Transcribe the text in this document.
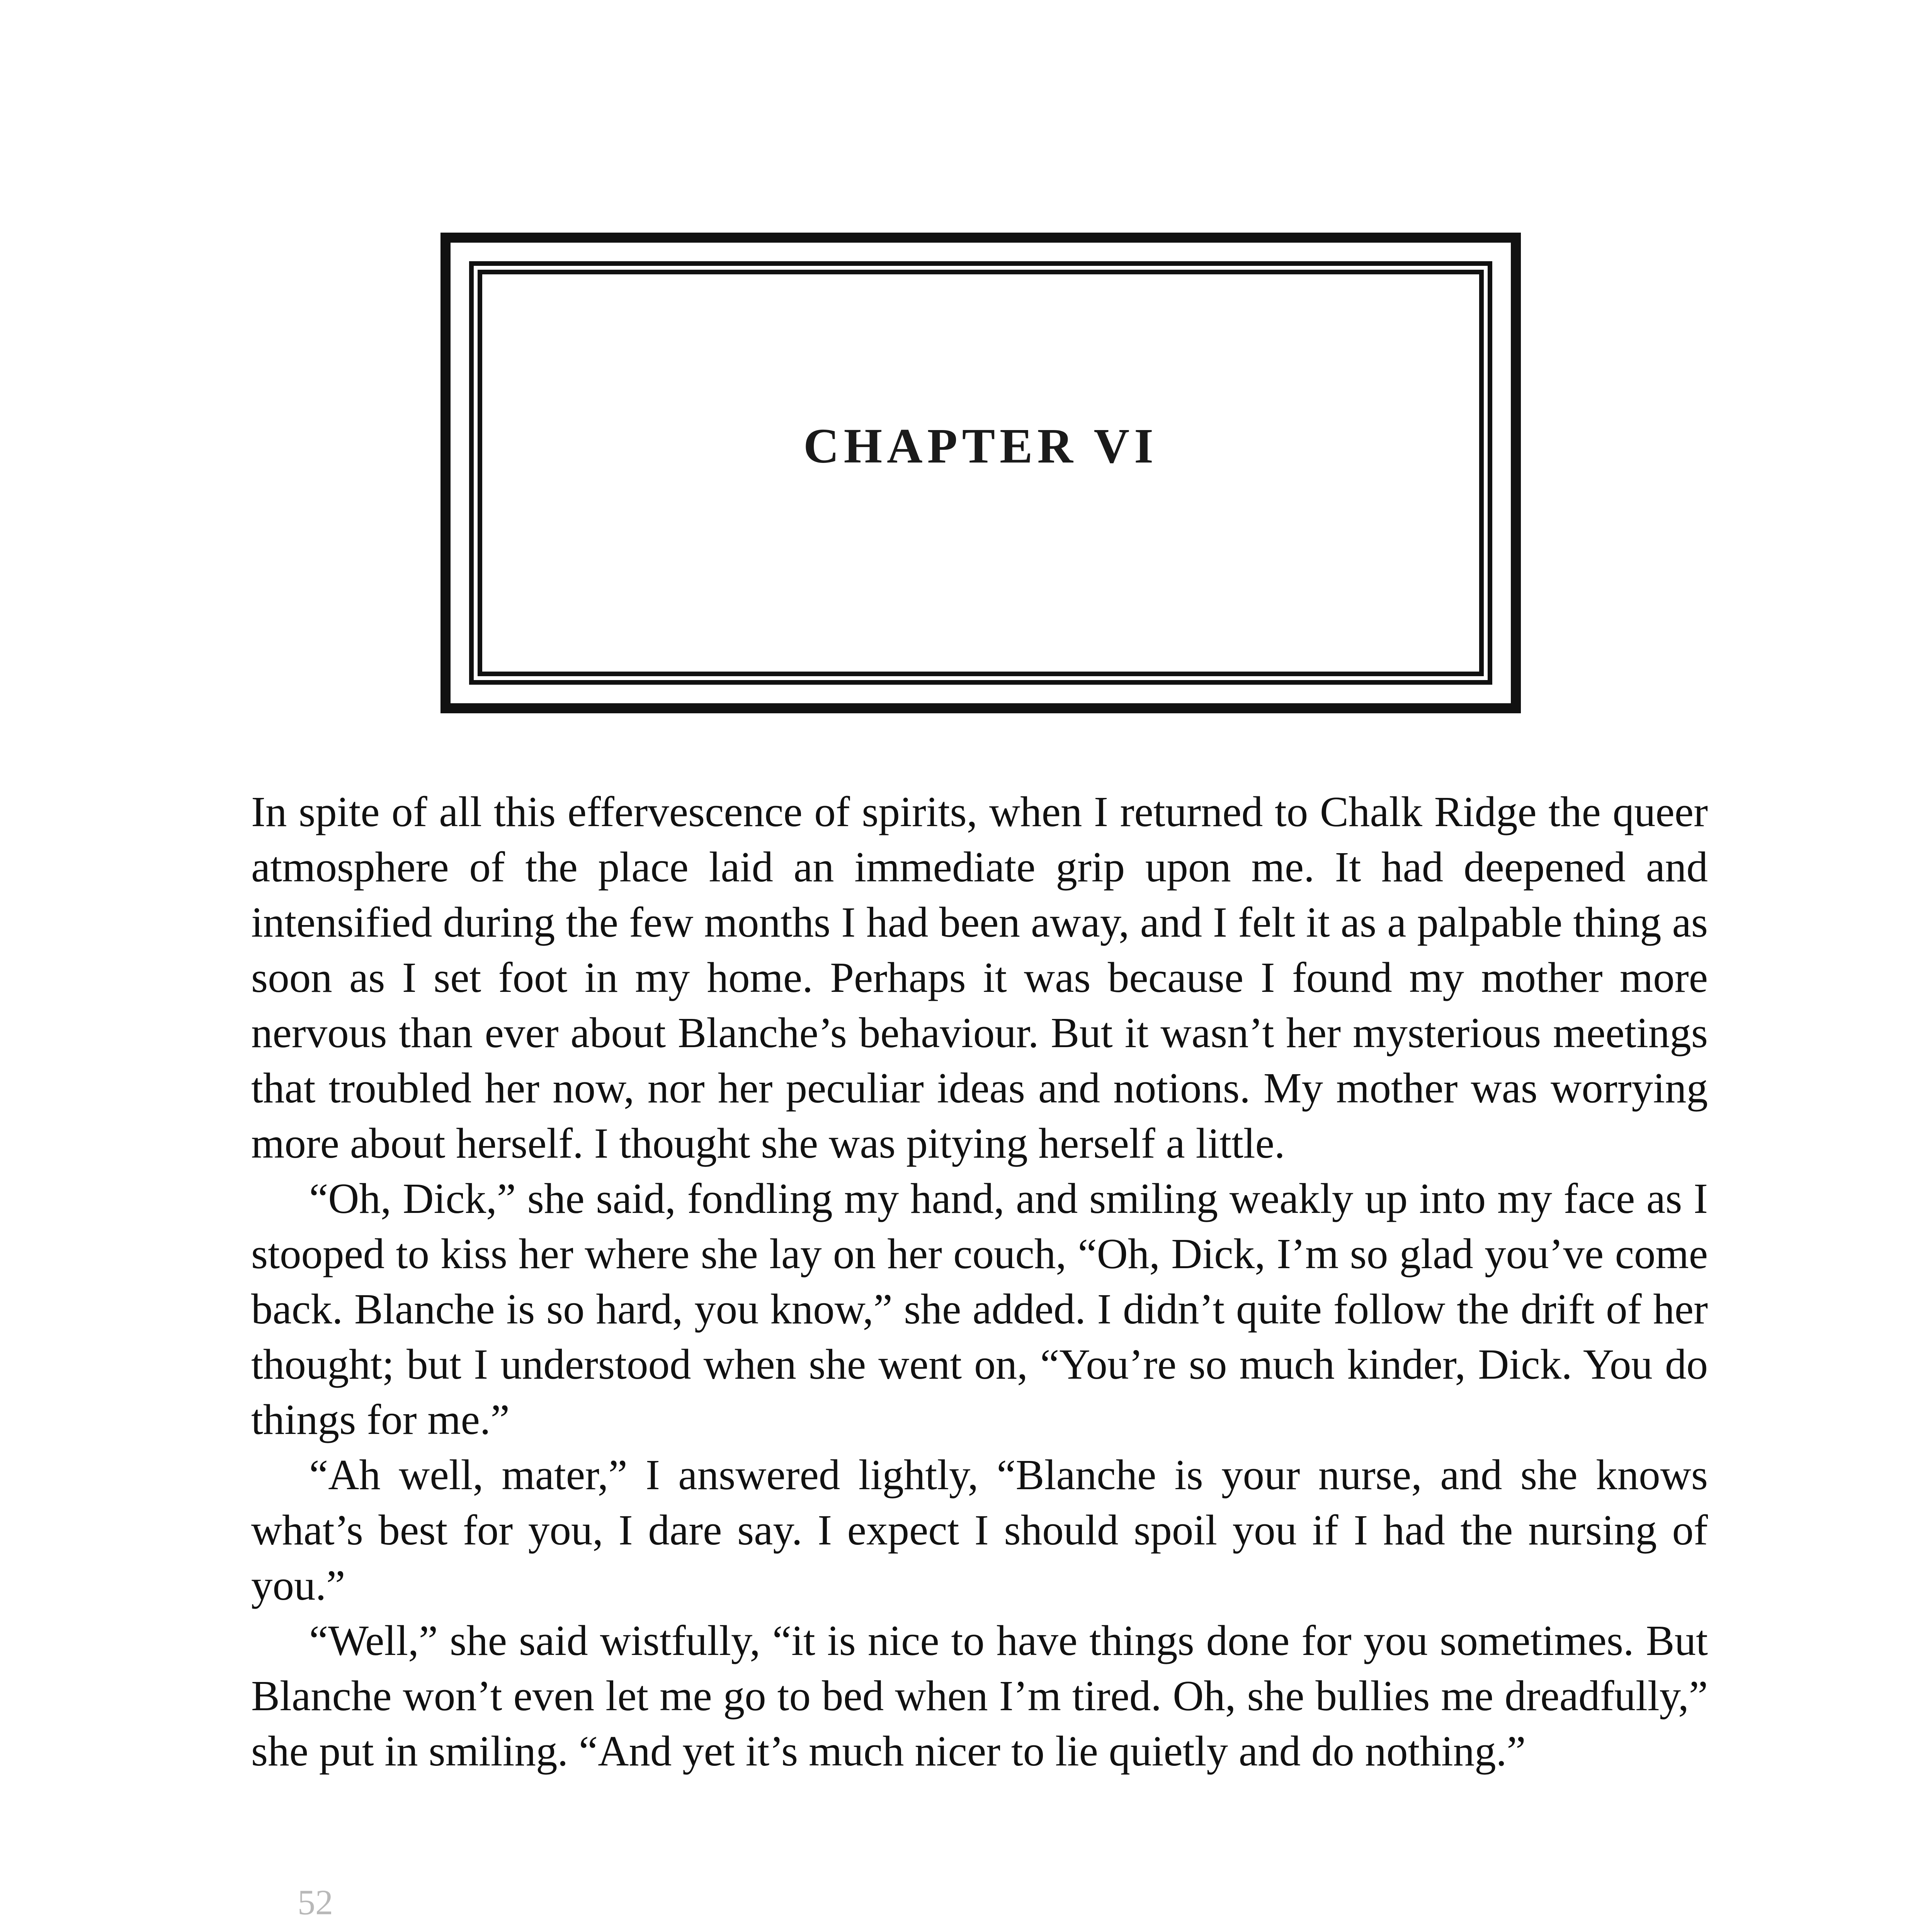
CHAPTER VI

In spite of all this effervescence of spirits, when I returned to Chalk Ridge the queer atmosphere of the place laid an immediate grip upon me. It had deepened and intensified during the few months I had been away, and I felt it as a palpable thing as soon as I set foot in my home. Perhaps it was because I found my mother more nervous than ever about Blanche’s behaviour. But it wasn’t her mysterious meetings that troubled her now, nor her peculiar ideas and notions. My mother was worrying more about herself. I thought she was pitying herself a little.

“Oh, Dick,” she said, fondling my hand, and smiling weakly up into my face as I stooped to kiss her where she lay on her couch, “Oh, Dick, I’m so glad you’ve come back. Blanche is so hard, you know,” she added. I didn’t quite follow the drift of her thought; but I understood when she went on, “You’re so much kinder, Dick. You do things for me.”

“Ah well, mater,” I answered lightly, “Blanche is your nurse, and she knows what’s best for you, I dare say. I expect I should spoil you if I had the nursing of you.”

“Well,” she said wistfully, “it is nice to have things done for you sometimes. But Blanche won’t even let me go to bed when I’m tired. Oh, she bullies me dreadfully,” she put in smiling. “And yet it’s much nicer to lie quietly and do nothing.”

52
